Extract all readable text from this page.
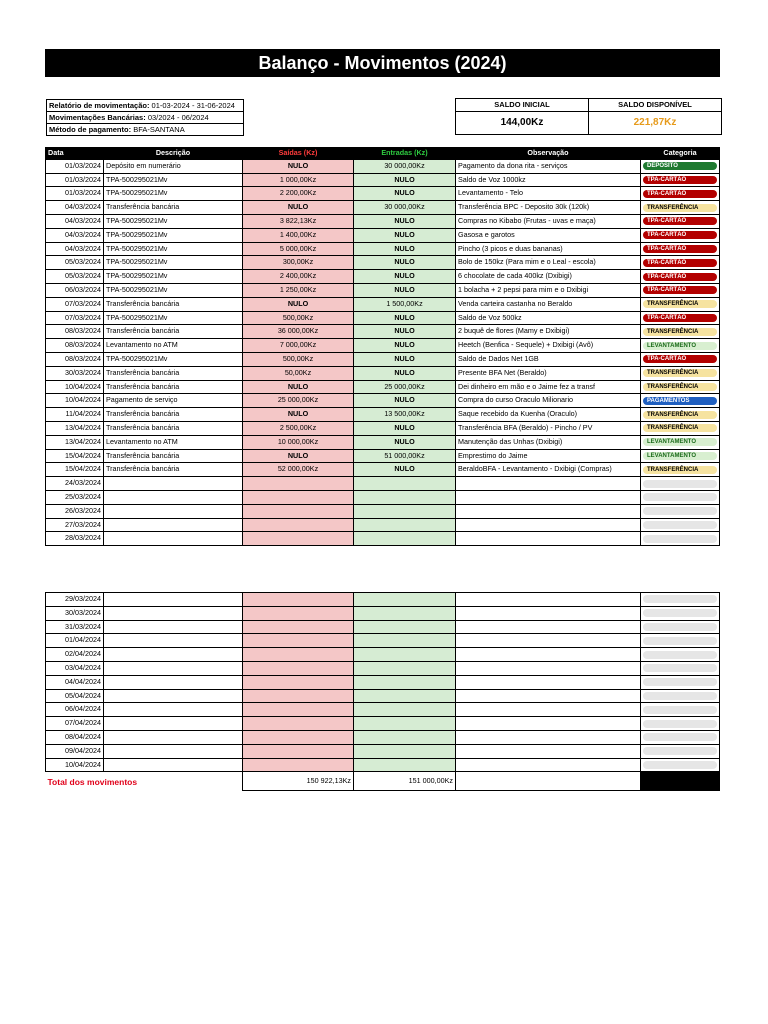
Balanço - Movimentos (2024)
Relatório de movimentação: 01-03-2024 - 31-06-2024
Movimentações Bancárias: 03/2024 - 06/2024
Método de pagamento: BFA-SANTANA
SALDO INICIAL	SALDO DISPONÍVEL
144,00Kz	221,87Kz
Data	Descrição	Saídas (Kz)	Entradas (Kz)	Observação	Categoria
01/03/2024	Depósito em numerário	NULO	30 000,00Kz	Pagamento da dona rita - serviços	DEPÓSITO

01/03/2024	TPA-500295021Mv	1 000,00Kz	NULO	Saldo de Voz 1000kz	TPA-CARTÃO

01/03/2024	TPA-500295021Mv	2 200,00Kz	NULO	Levantamento - Telo	TPA-CARTÃO

04/03/2024	Transferência bancária	NULO	30 000,00Kz	Transferência BPC - Deposito 30k (120k)	TRANSFERÊNCIA

04/03/2024	TPA-500295021Mv	3 822,13Kz	NULO	Compras no Kibabo (Frutas - uvas e maça)	TPA-CARTÃO

04/03/2024	TPA-500295021Mv	1 400,00Kz	NULO	Gasosa e garotos	TPA-CARTÃO

04/03/2024	TPA-500295021Mv	5 000,00Kz	NULO	Pincho (3 picos e duas bananas)	TPA-CARTÃO

05/03/2024	TPA-500295021Mv	300,00Kz	NULO	Bolo de 150kz (Para mim e o Leal - escola)	TPA-CARTÃO

05/03/2024	TPA-500295021Mv	2 400,00Kz	NULO	6 chocolate de cada 400kz (Dxibigi)	TPA-CARTÃO

06/03/2024	TPA-500295021Mv	1 250,00Kz	NULO	1 bolacha + 2 pepsi para mim e o Dxibigi	TPA-CARTÃO

07/03/2024	Transferência bancária	NULO	1 500,00Kz	Venda carteira castanha no Beraldo	TRANSFERÊNCIA

07/03/2024	TPA-500295021Mv	500,00Kz	NULO	Saldo de Voz 500kz	TPA-CARTÃO

08/03/2024	Transferência bancária	36 000,00Kz	NULO	2 buquê de flores (Mamy e Dxibigi)	TRANSFERÊNCIA

08/03/2024	Levantamento no ATM	7 000,00Kz	NULO	Heetch (Benfica - Sequele) + Dxibigi (Avô)	LEVANTAMENTO

08/03/2024	TPA-500295021Mv	500,00Kz	NULO	Saldo de Dados Net 1GB	TPA-CARTÃO

30/03/2024	Transferência bancária	50,00Kz	NULO	Presente BFA Net (Beraldo)	TRANSFERÊNCIA

10/04/2024	Transferência bancária	NULO	25 000,00Kz	Dei dinheiro em mão e o Jaime fez a transf	TRANSFERÊNCIA

10/04/2024	Pagamento de serviço	25 000,00Kz	NULO	Compra do curso Oraculo Milionario	PAGAMENTOS

11/04/2024	Transferência bancária	NULO	13 500,00Kz	Saque recebido da Kuenha (Oraculo)	TRANSFERÊNCIA

13/04/2024	Transferência bancária	2 500,00Kz	NULO	Transferência BFA (Beraldo) - Pincho / PV	TRANSFERÊNCIA

13/04/2024	Levantamento no ATM	10 000,00Kz	NULO	Manutenção das Unhas (Dxibigi)	LEVANTAMENTO

15/04/2024	Transferência bancária	NULO	51 000,00Kz	Emprestimo do Jaime	LEVANTAMENTO

15/04/2024	Transferência bancária	52 000,00Kz	NULO	BeraldoBFA - Levantamento - Dxibigi (Compras)	TRANSFERÊNCIA

24/03/2024					

25/03/2024					

26/03/2024					

27/03/2024					

28/03/2024					
29/03/2024					

30/03/2024					

31/03/2024					

01/04/2024					

02/04/2024					

03/04/2024					

04/04/2024					

05/04/2024					

06/04/2024					

07/04/2024					

08/04/2024					

09/04/2024					

10/04/2024					

Total dos movimentos		150 922,13Kz	151 000,00Kz		
